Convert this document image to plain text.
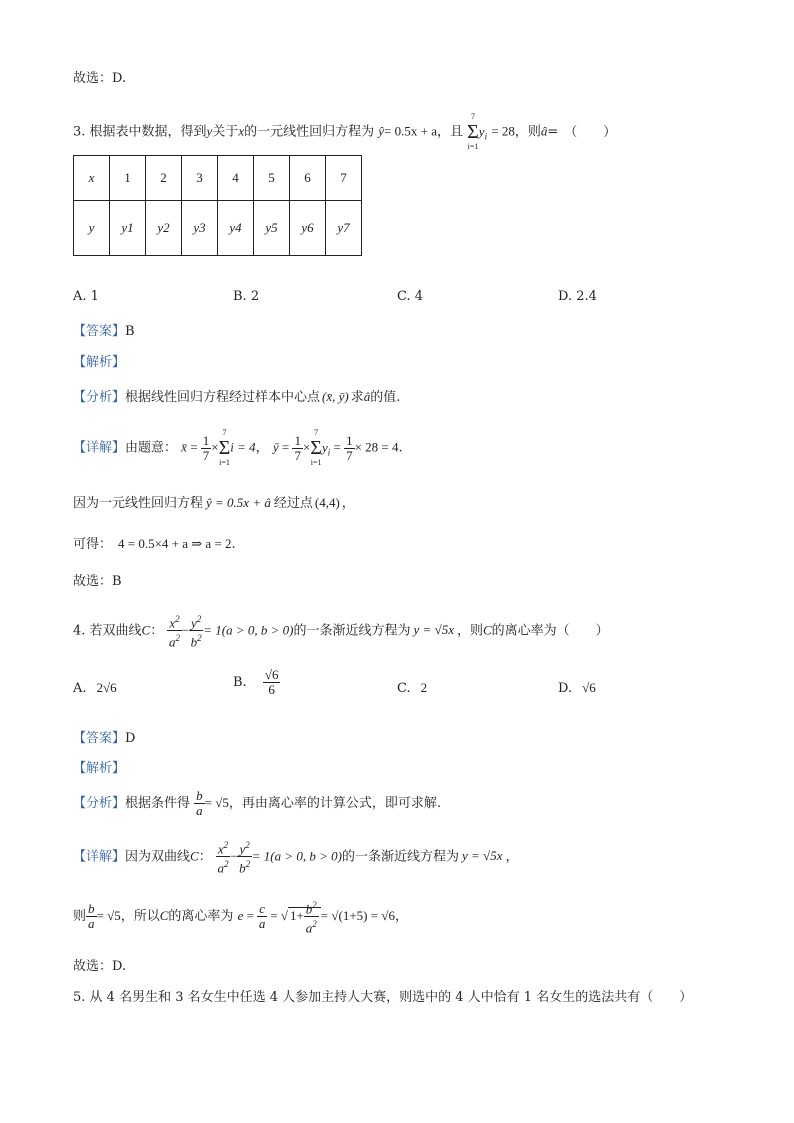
故选：D.
3. 根据表中数据，得到y关于x的一元线性回归方程为 ŷ= 0.5x + a，且
7
Σ
i=1
$y_i = 28$，则â= （　　）
x	1	2	3	4	5	6	7
y	y1	y2	y3	y4	y5	y6	y7
A. 1	B. 2	C. 4	D. 2.4
【答案】B
【解析】
【分析】根据线性回归方程经过样本中心点 (x̄, ȳ) 求â的值.
【详解】由题意： x̄ = $\frac{1}{7}$ ×
7
Σ
i=1
i = 4， ȳ = $\frac{1}{7}$ ×
7
Σ
i=1
$y_i = \frac{1}{7} \times 28 = 4$.
因为一元线性回归方程 ŷ = 0.5x + â 经过点 (4,4) ，
可得： 4 = 0.5×4 + a ⇒ a = 2.
故选：B
4. 若双曲线C： $\frac{x^2}{a^2} - \frac{y^2}{b^2} = 1(a > 0$, b > 0)的一条渐近线方程为 y = √5x ，则C的离心率为（　　）
A. 2√6	B. $\frac{√6}{6}$	C. 2	D. √6
【答案】D
【解析】
【分析】根据条件得 $\frac{b}{a} = √5$，再由离心率的计算公式，即可求解.
【详解】因为双曲线C： $\frac{x^2}{a^2} - \frac{y^2}{b^2} = 1(a > 0$, b > 0)的一条渐近线方程为 y = √5x ，
则 $\frac{b}{a} = √5$，所以C的离心率为 $e = \frac{c}{a}$ = √ $1+ \frac{b^2}{a^2} = √(1+5) = √6$，
故选：D.
5. 从 4 名男生和 3 名女生中任选 4 人参加主持人大赛，则选中的 4 人中恰有 1 名女生的选法共有（　　）
